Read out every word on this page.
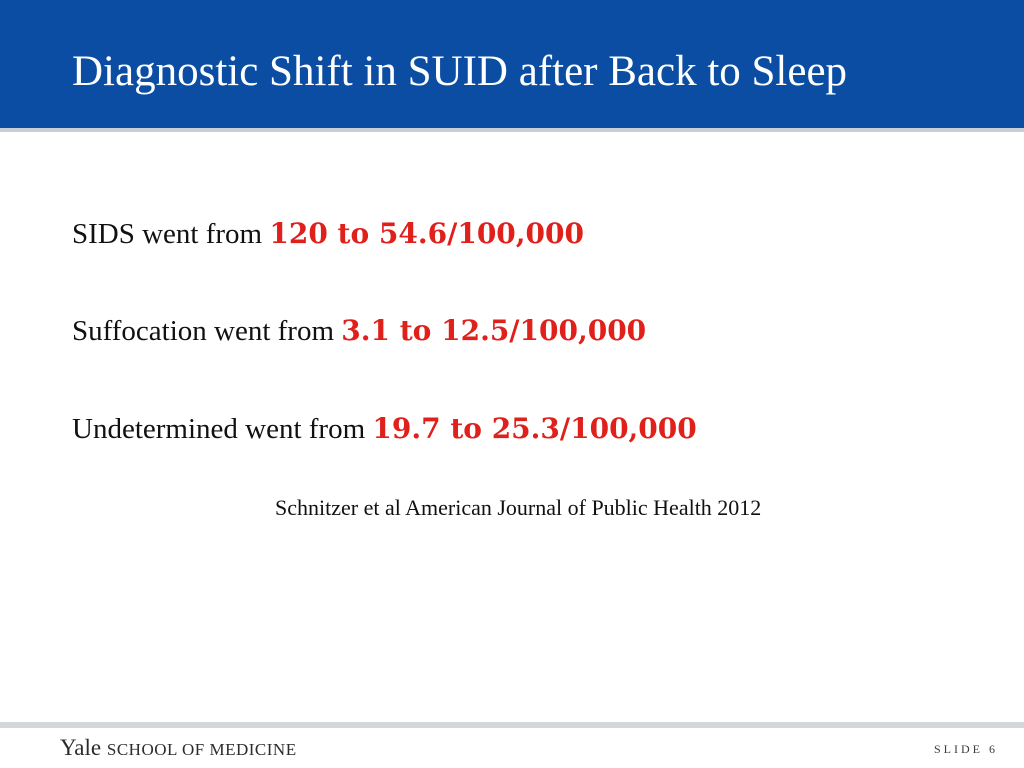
Diagnostic Shift in SUID after Back to Sleep

SIDS went from 120 to 54.6/100,000

Suffocation went from 3.1 to 12.5/100,000

Undetermined went from 19.7 to 25.3/100,000

Schnitzer et al American Journal of Public Health 2012

Yale SCHOOL OF MEDICINE	SLIDE 6
